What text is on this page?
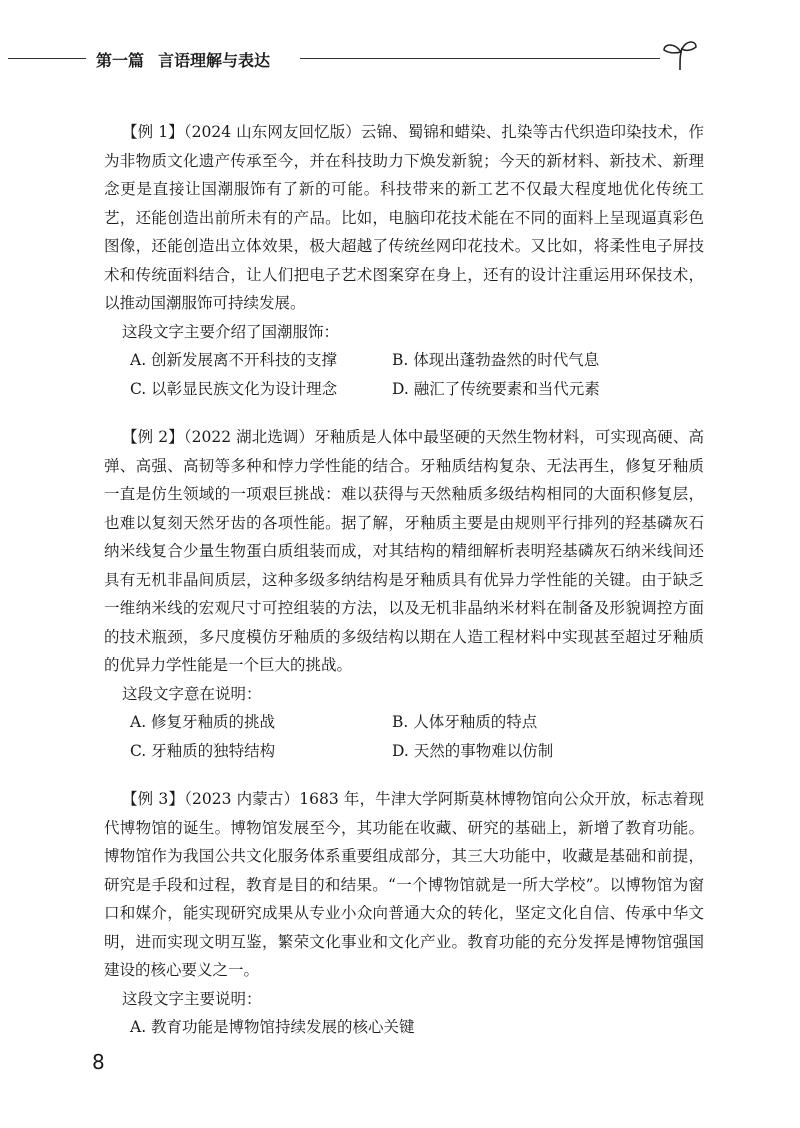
第一篇 言语理解与表达

【例 1】（2024 山东网友回忆版）云锦、蜀锦和蜡染、扎染等古代织造印染技术，作为非物质文化遗产传承至今，并在科技助力下焕发新貌；今天的新材料、新技术、新理念更是直接让国潮服饰有了新的可能。科技带来的新工艺不仅最大程度地优化传统工艺，还能创造出前所未有的产品。比如，电脑印花技术能在不同的面料上呈现逼真彩色图像，还能创造出立体效果，极大超越了传统丝网印花技术。又比如，将柔性电子屏技术和传统面料结合，让人们把电子艺术图案穿在身上，还有的设计注重运用环保技术，以推动国潮服饰可持续发展。

这段文字主要介绍了国潮服饰：

A. 创新发展离不开科技的支撑	B. 体现出蓬勃盎然的时代气息
C. 以彰显民族文化为设计理念	D. 融汇了传统要素和当代元素

【例 2】（2022 湖北选调）牙釉质是人体中最坚硬的天然生物材料，可实现高硬、高弹、高强、高韧等多种和悖力学性能的结合。牙釉质结构复杂、无法再生，修复牙釉质一直是仿生领域的一项艰巨挑战：难以获得与天然釉质多级结构相同的大面积修复层，也难以复刻天然牙齿的各项性能。据了解，牙釉质主要是由规则平行排列的羟基磷灰石纳米线复合少量生物蛋白质组装而成，对其结构的精细解析表明羟基磷灰石纳米线间还具有无机非晶间质层，这种多级多纳结构是牙釉质具有优异力学性能的关键。由于缺乏一维纳米线的宏观尺寸可控组装的方法，以及无机非晶纳米材料在制备及形貌调控方面的技术瓶颈，多尺度模仿牙釉质的多级结构以期在人造工程材料中实现甚至超过牙釉质的优异力学性能是一个巨大的挑战。

这段文字意在说明：

A. 修复牙釉质的挑战	B. 人体牙釉质的特点
C. 牙釉质的独特结构	D. 天然的事物难以仿制

【例 3】（2023 内蒙古）1683 年，牛津大学阿斯莫林博物馆向公众开放，标志着现代博物馆的诞生。博物馆发展至今，其功能在收藏、研究的基础上，新增了教育功能。博物馆作为我国公共文化服务体系重要组成部分，其三大功能中，收藏是基础和前提，研究是手段和过程，教育是目的和结果。“一个博物馆就是一所大学校”。以博物馆为窗口和媒介，能实现研究成果从专业小众向普通大众的转化，坚定文化自信、传承中华文明，进而实现文明互鉴，繁荣文化事业和文化产业。教育功能的充分发挥是博物馆强国建设的核心要义之一。

这段文字主要说明：

A. 教育功能是博物馆持续发展的核心关键
8
